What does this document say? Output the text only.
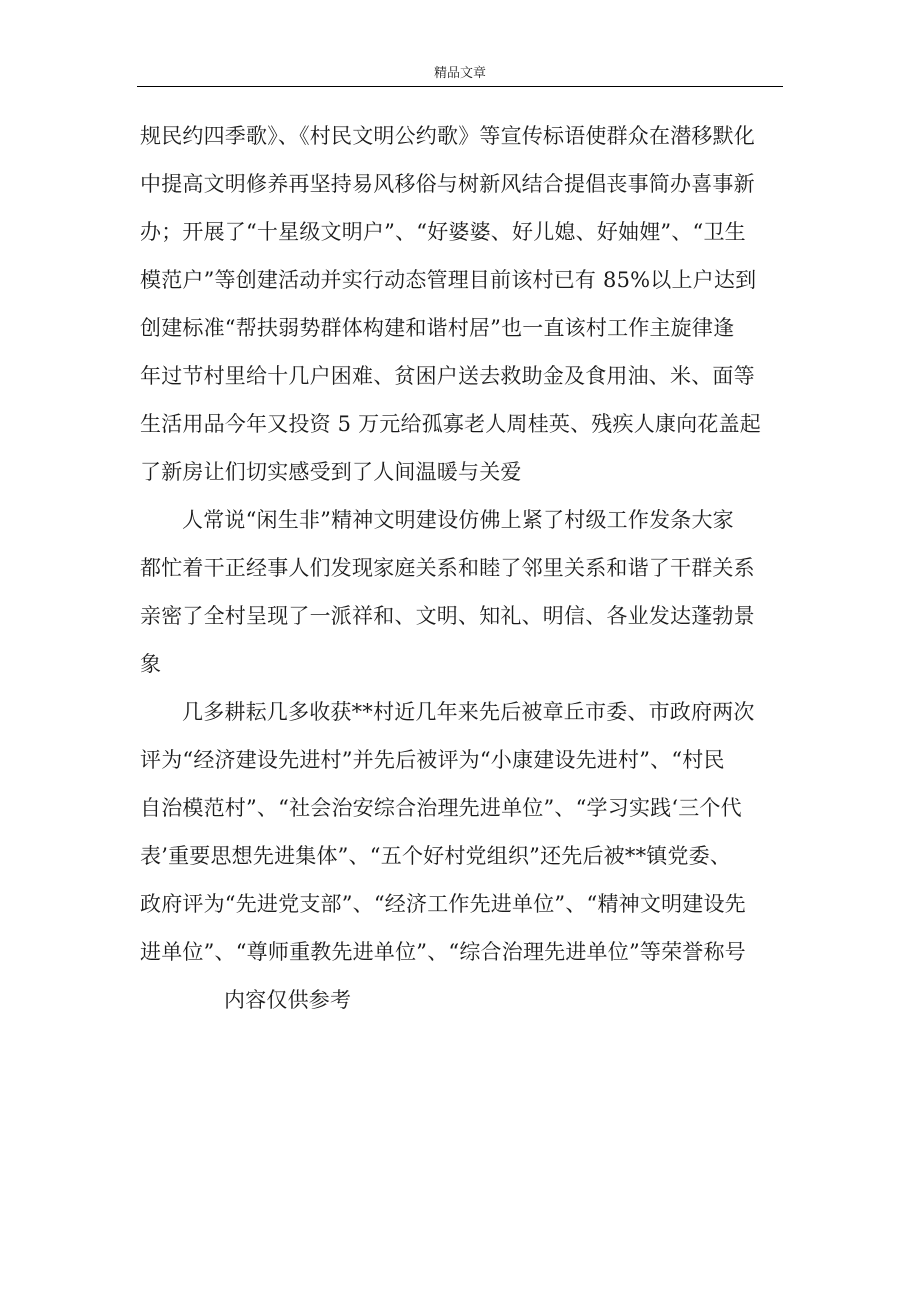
精品文章
规民约四季歌》、《村民文明公约歌》等宣传标语使群众在潜移默化
中提高文明修养再坚持易风移俗与树新风结合提倡丧事简办喜事新
办；开展了“十星级文明户”、“好婆婆、好儿媳、好妯娌”、“卫生
模范户”等创建活动并实行动态管理目前该村已有 85%以上户达到
创建标准“帮扶弱势群体构建和谐村居”也一直该村工作主旋律逢
年过节村里给十几户困难、贫困户送去救助金及食用油、米、面等
生活用品今年又投资 5 万元给孤寡老人周桂英、残疾人康向花盖起
了新房让们切实感受到了人间温暖与关爱
人常说“闲生非”精神文明建设仿佛上紧了村级工作发条大家
都忙着干正经事人们发现家庭关系和睦了邻里关系和谐了干群关系
亲密了全村呈现了一派祥和、文明、知礼、明信、各业发达蓬勃景
象
几多耕耘几多收获**村近几年来先后被章丘市委、市政府两次
评为“经济建设先进村”并先后被评为“小康建设先进村”、“村民
自治模范村”、“社会治安综合治理先进单位”、“学习实践‘三个代
表’重要思想先进集体”、“五个好村党组织”还先后被**镇党委、
政府评为“先进党支部”、“经济工作先进单位”、“精神文明建设先
进单位”、“尊师重教先进单位”、“综合治理先进单位”等荣誉称号
内容仅供参考
